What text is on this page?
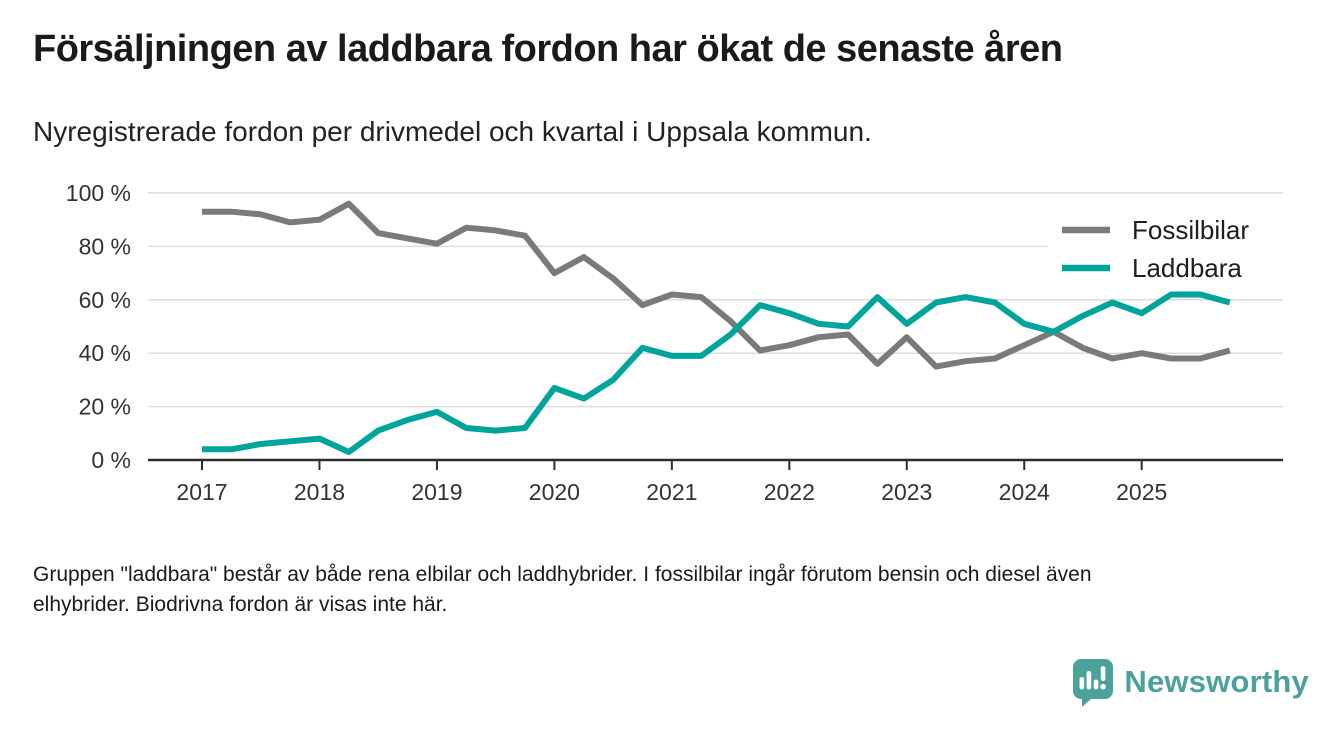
Försäljningen av laddbara fordon har ökat de senaste åren

Nyregistrerade fordon per drivmedel och kvartal i Uppsala kommun.

0 %
20 %
40 %
60 %
80 %
100 %
2017	2018	2019	2020	2021	2022	2023	2024	2025
Fossilbilar
Laddbara

Gruppen "laddbara" består av både rena elbilar och laddhybrider. I fossilbilar ingår förutom bensin och diesel även elhybrider. Biodrivna fordon är visas inte här.

Newsworthy
